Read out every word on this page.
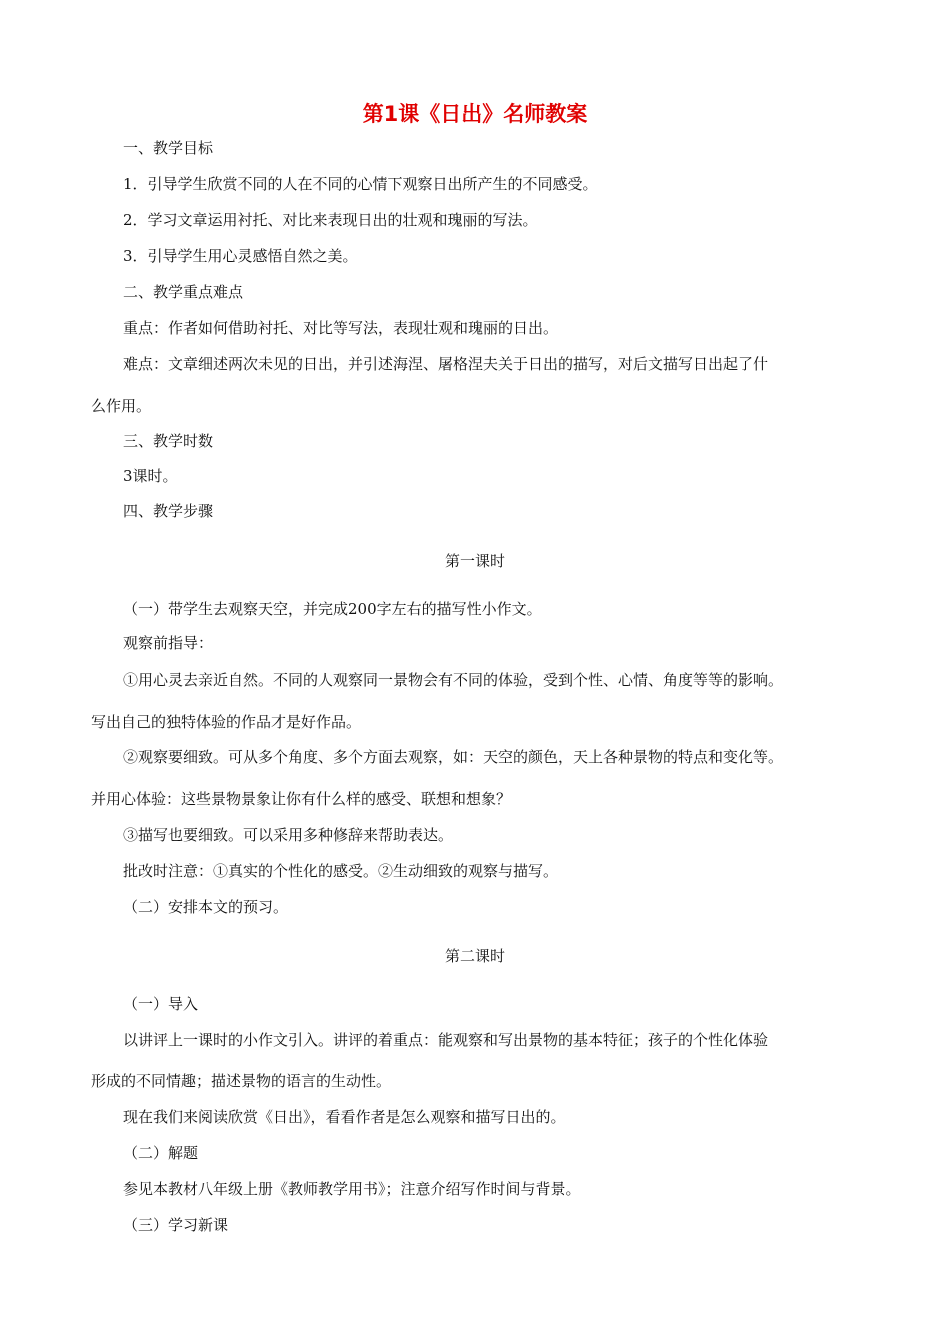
第1课《日出》名师教案
一、教学目标
1．引导学生欣赏不同的人在不同的心情下观察日出所产生的不同感受。
2．学习文章运用衬托、对比来表现日出的壮观和瑰丽的写法。
3．引导学生用心灵感悟自然之美。
二、教学重点难点
重点：作者如何借助衬托、对比等写法，表现壮观和瑰丽的日出。
难点：文章细述两次未见的日出，并引述海涅、屠格涅夫关于日出的描写，对后文描写日出起了什
么作用。
三、教学时数
3课时。
四、教学步骤
第一课时
（一）带学生去观察天空，并完成200字左右的描写性小作文。
观察前指导：
①用心灵去亲近自然。不同的人观察同一景物会有不同的体验，受到个性、心情、角度等等的影响。
写出自己的独特体验的作品才是好作品。
②观察要细致。可从多个角度、多个方面去观察，如：天空的颜色，天上各种景物的特点和变化等。
并用心体验：这些景物景象让你有什么样的感受、联想和想象？
③描写也要细致。可以采用多种修辞来帮助表达。
批改时注意：①真实的个性化的感受。②生动细致的观察与描写。
（二）安排本文的预习。
第二课时
（一）导入
以讲评上一课时的小作文引入。讲评的着重点：能观察和写出景物的基本特征；孩子的个性化体验
形成的不同情趣；描述景物的语言的生动性。
现在我们来阅读欣赏《日出》，看看作者是怎么观察和描写日出的。
（二）解题
参见本教材八年级上册《教师教学用书》；注意介绍写作时间与背景。
（三）学习新课
